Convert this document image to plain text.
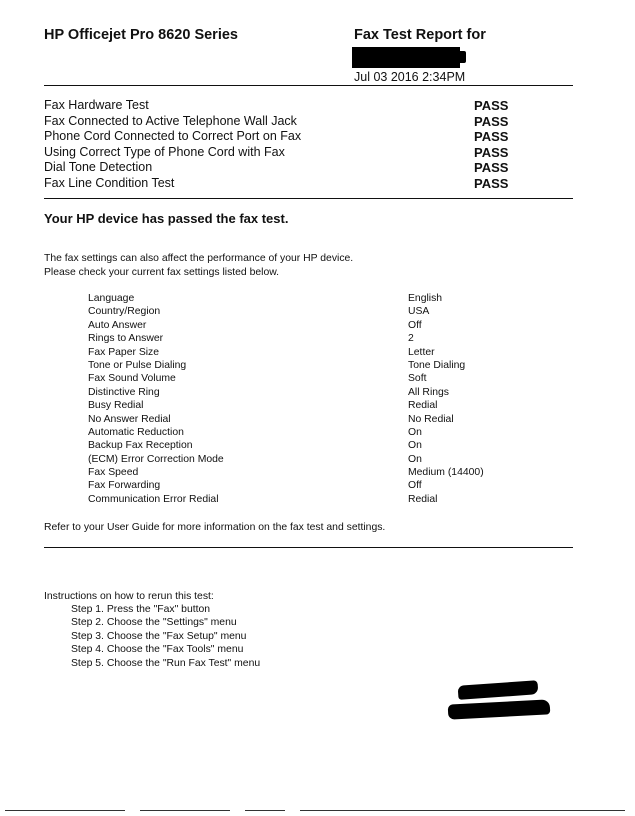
HP Officejet Pro 8620 Series	Fax Test Report for
Jul 03 2016 2:34PM
Fax Hardware Test	PASS
Fax Connected to Active Telephone Wall Jack	PASS
Phone Cord Connected to Correct Port on Fax	PASS
Using Correct Type of Phone Cord with Fax	PASS
Dial Tone Detection	PASS
Fax Line Condition Test	PASS
Your HP device has passed the fax test.
The fax settings can also affect the performance of your HP device.
Please check your current fax settings listed below.
Language	English
Country/Region	USA
Auto Answer	Off
Rings to Answer	2
Fax Paper Size	Letter
Tone or Pulse Dialing	Tone Dialing
Fax Sound Volume	Soft
Distinctive Ring	All Rings
Busy Redial	Redial
No Answer Redial	No Redial
Automatic Reduction	On
Backup Fax Reception	On
(ECM) Error Correction Mode	On
Fax Speed	Medium (14400)
Fax Forwarding	Off
Communication Error Redial	Redial
Refer to your User Guide for more information on the fax test and settings.
Instructions on how to rerun this test:
Step 1. Press the "Fax" button
Step 2. Choose the "Settings" menu
Step 3. Choose the "Fax Setup" menu
Step 4. Choose the "Fax Tools" menu
Step 5. Choose the "Run Fax Test" menu
